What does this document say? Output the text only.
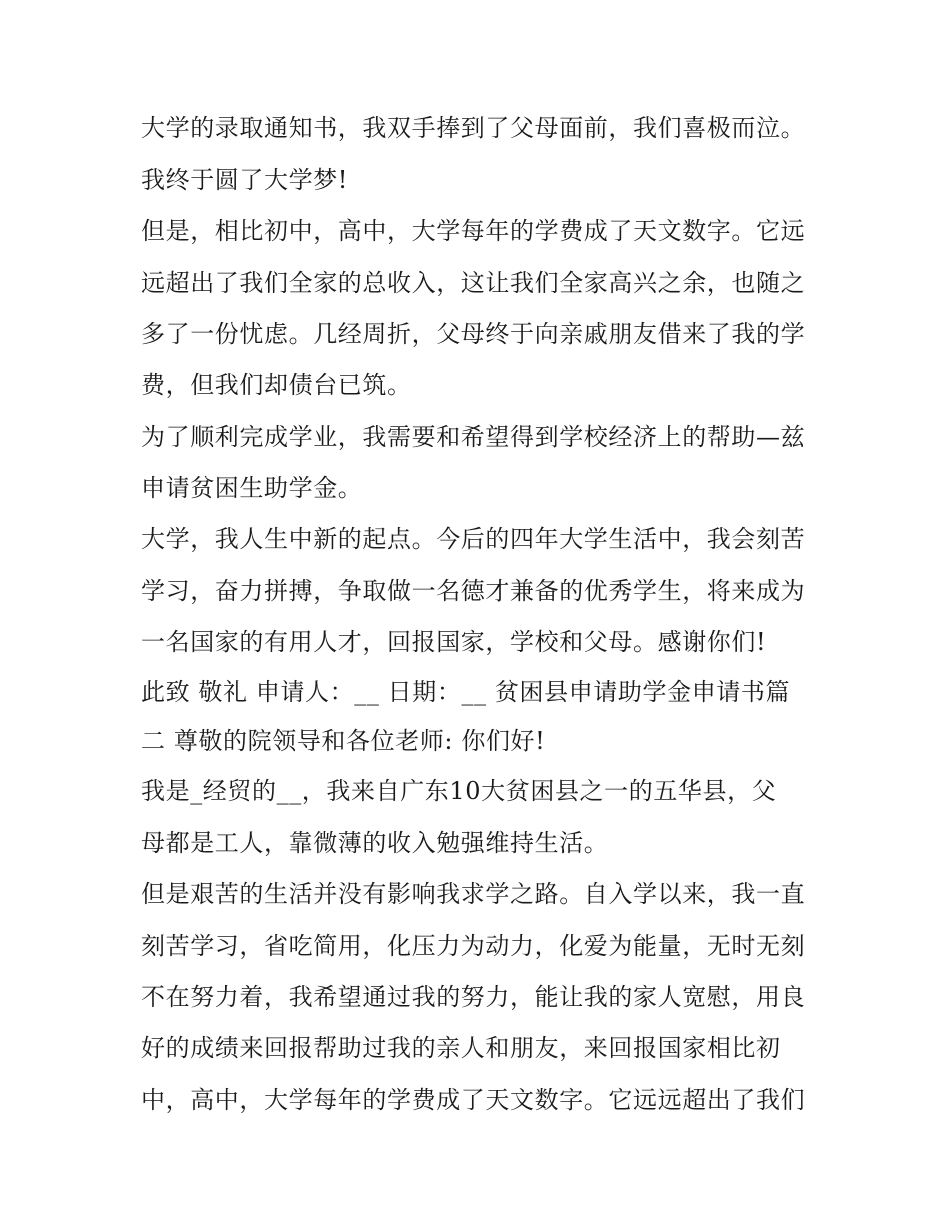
大学的录取通知书，我双手捧到了父母面前，我们喜极而泣。
我终于圆了大学梦!
但是，相比初中，高中，大学每年的学费成了天文数字。它远
远超出了我们全家的总收入，这让我们全家高兴之余，也随之
多了一份忧虑。几经周折，父母终于向亲戚朋友借来了我的学
费，但我们却债台已筑。
为了顺利完成学业，我需要和希望得到学校经济上的帮助—兹
申请贫困生助学金。
大学，我人生中新的起点。今后的四年大学生活中，我会刻苦
学习，奋力拼搏，争取做一名德才兼备的优秀学生，将来成为
一名国家的有用人才，回报国家，学校和父母。感谢你们!
此致 敬礼 申请人：__ 日期：__ 贫困县申请助学金申请书篇
二 尊敬的院领导和各位老师: 你们好!
我是_经贸的__，我来自广东10大贫困县之一的五华县，父
母都是工人，靠微薄的收入勉强维持生活。
但是艰苦的生活并没有影响我求学之路。自入学以来，我一直
刻苦学习，省吃简用，化压力为动力，化爱为能量，无时无刻
不在努力着，我希望通过我的努力，能让我的家人宽慰，用良
好的成绩来回报帮助过我的亲人和朋友，来回报国家相比初
中，高中，大学每年的学费成了天文数字。它远远超出了我们
